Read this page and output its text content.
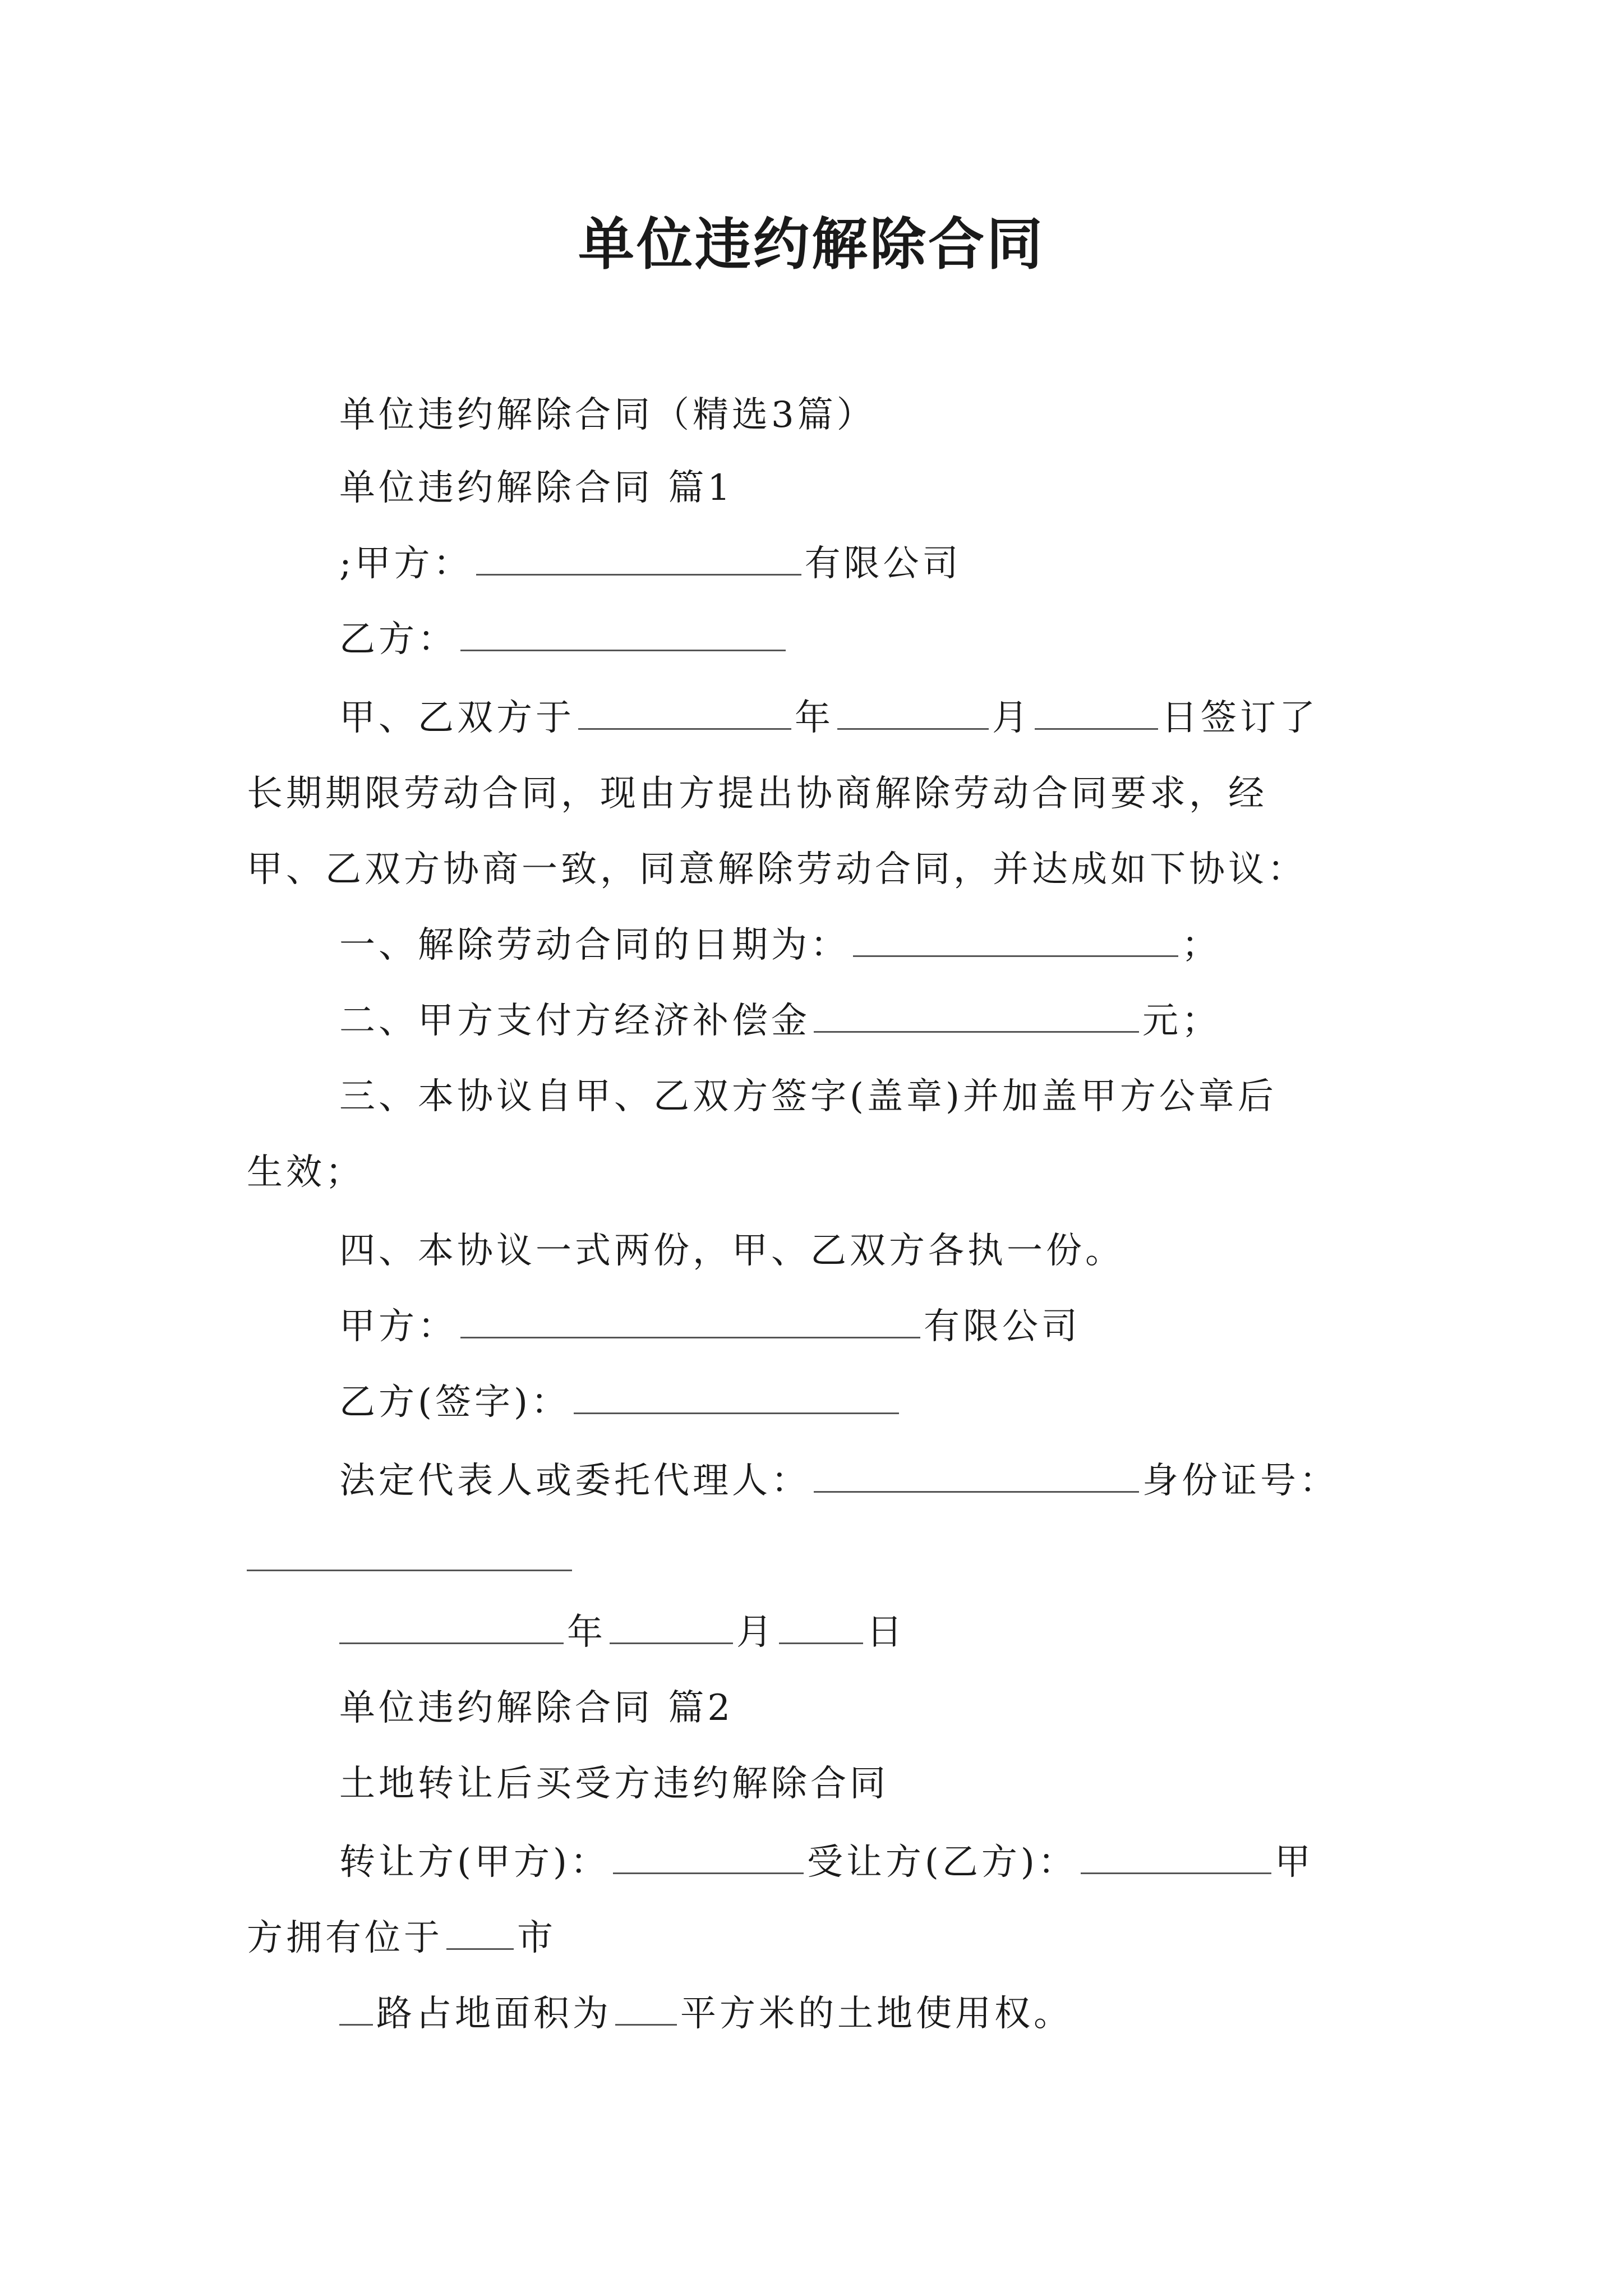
单位违约解除合同
单位违约解除合同（精选3篇）
单位违约解除合同 篇1
;甲方：	有限公司
乙方：
甲、乙双方于	年	月	日签订了
长期期限劳动合同，现由方提出协商解除劳动合同要求，经
甲、乙双方协商一致，同意解除劳动合同，并达成如下协议：
一、解除劳动合同的日期为：	；
二、甲方支付方经济补偿金	元；
三、本协议自甲、乙双方签字(盖章)并加盖甲方公章后
生效；
四、本协议一式两份，甲、乙双方各执一份。
甲方：	有限公司
乙方(签字)：
法定代表人或委托代理人：	身份证号：
年	月	日
单位违约解除合同 篇2
土地转让后买受方违约解除合同
转让方(甲方)：	受让方(乙方)：	甲
方拥有位于 市
路占地面积为 平方米的土地使用权。
